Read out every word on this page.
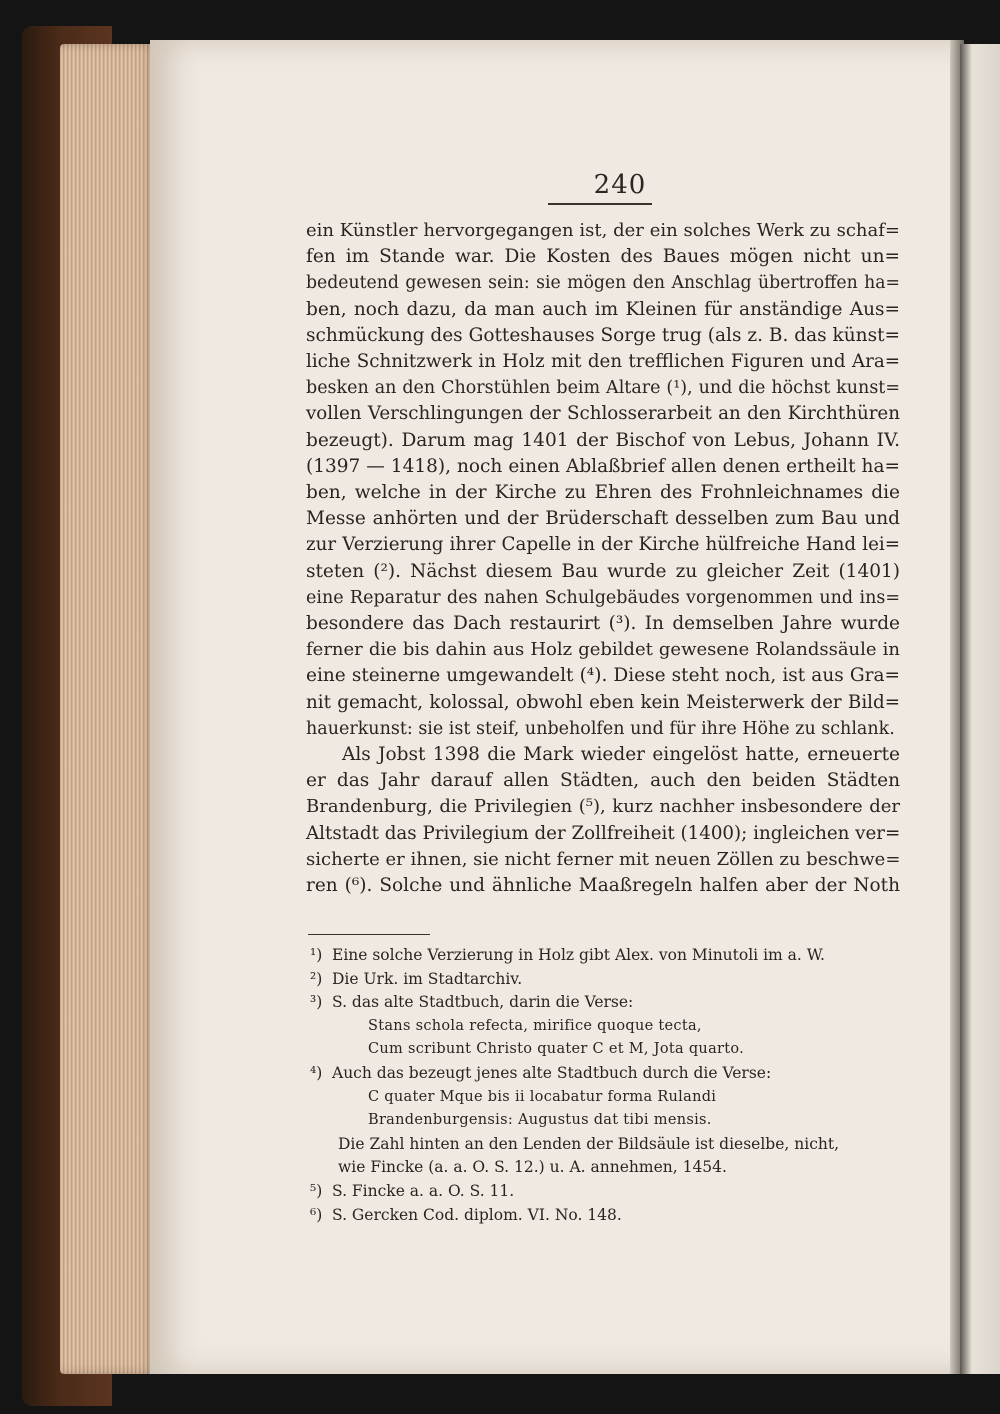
240
ein Künstler hervorgegangen ist, der ein solches Werk zu schaf=
fen im Stande war. Die Kosten des Baues mögen nicht un=
bedeutend gewesen sein: sie mögen den Anschlag übertroffen ha=
ben, noch dazu, da man auch im Kleinen für anständige Aus=
schmückung des Gotteshauses Sorge trug (als z. B. das künst=
liche Schnitzwerk in Holz mit den trefflichen Figuren und Ara=
besken an den Chorstühlen beim Altare (¹), und die höchst kunst=
vollen Verschlingungen der Schlosserarbeit an den Kirchthüren
bezeugt). Darum mag 1401 der Bischof von Lebus, Johann IV.
(1397 — 1418), noch einen Ablaßbrief allen denen ertheilt ha=
ben, welche in der Kirche zu Ehren des Frohnleichnames die
Messe anhörten und der Brüderschaft desselben zum Bau und
zur Verzierung ihrer Capelle in der Kirche hülfreiche Hand lei=
steten (²). Nächst diesem Bau wurde zu gleicher Zeit (1401)
eine Reparatur des nahen Schulgebäudes vorgenommen und ins=
besondere das Dach restaurirt (³). In demselben Jahre wurde
ferner die bis dahin aus Holz gebildet gewesene Rolandssäule in
eine steinerne umgewandelt (⁴). Diese steht noch, ist aus Gra=
nit gemacht, kolossal, obwohl eben kein Meisterwerk der Bild=
hauerkunst: sie ist steif, unbeholfen und für ihre Höhe zu schlank.
Als Jobst 1398 die Mark wieder eingelöst hatte, erneuerte
er das Jahr darauf allen Städten, auch den beiden Städten
Brandenburg, die Privilegien (⁵), kurz nachher insbesondere der
Altstadt das Privilegium der Zollfreiheit (1400); ingleichen ver=
sicherte er ihnen, sie nicht ferner mit neuen Zöllen zu beschwe=
ren (⁶). Solche und ähnliche Maaßregeln halfen aber der Noth
¹) Eine solche Verzierung in Holz gibt Alex. von Minutoli im a. W.
²) Die Urk. im Stadtarchiv.
³) S. das alte Stadtbuch, darin die Verse:
Stans schola refecta, mirifice quoque tecta,
Cum scribunt Christo quater C et M, Jota quarto.
⁴) Auch das bezeugt jenes alte Stadtbuch durch die Verse:
C quater Mque bis ii locabatur forma Rulandi
Brandenburgensis: Augustus dat tibi mensis.
Die Zahl hinten an den Lenden der Bildsäule ist dieselbe, nicht,
wie Fincke (a. a. O. S. 12.) u. A. annehmen, 1454.
⁵) S. Fincke a. a. O. S. 11.
⁶) S. Gercken Cod. diplom. VI. No. 148.
